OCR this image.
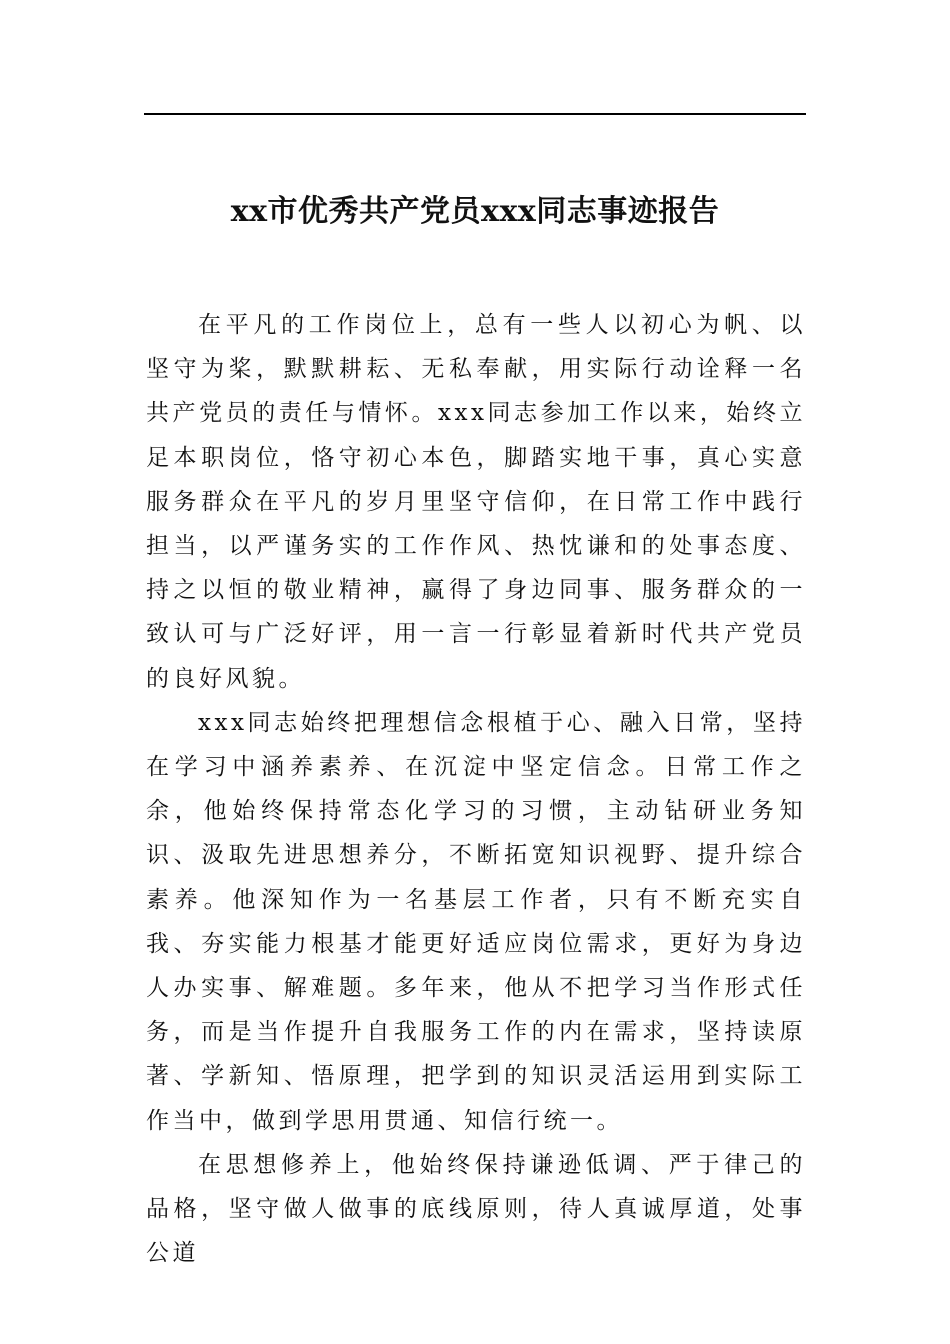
xx市优秀共产党员xxx同志事迹报告

在平凡的工作岗位上，总有一些人以初心为帆、以坚守为桨，默默耕耘、无私奉献，用实际行动诠释一名共产党员的责任与情怀。xxx同志参加工作以来，始终立足本职岗位，恪守初心本色，脚踏实地干事，真心实意服务群众在平凡的岁月里坚守信仰，在日常工作中践行担当，以严谨务实的工作作风、热忱谦和的处事态度、持之以恒的敬业精神，赢得了身边同事、服务群众的一致认可与广泛好评，用一言一行彰显着新时代共产党员的良好风貌。

xxx同志始终把理想信念根植于心、融入日常，坚持在学习中涵养素养、在沉淀中坚定信念。日常工作之余，他始终保持常态化学习的习惯，主动钻研业务知识、汲取先进思想养分，不断拓宽知识视野、提升综合素养。他深知作为一名基层工作者，只有不断充实自我、夯实能力根基才能更好适应岗位需求，更好为身边人办实事、解难题。多年来，他从不把学习当作形式任务，而是当作提升自我服务工作的内在需求，坚持读原著、学新知、悟原理，把学到的知识灵活运用到实际工作当中，做到学思用贯通、知信行统一。

在思想修养上，他始终保持谦逊低调、严于律己的品格，坚守做人做事的底线原则，待人真诚厚道，处事公道
